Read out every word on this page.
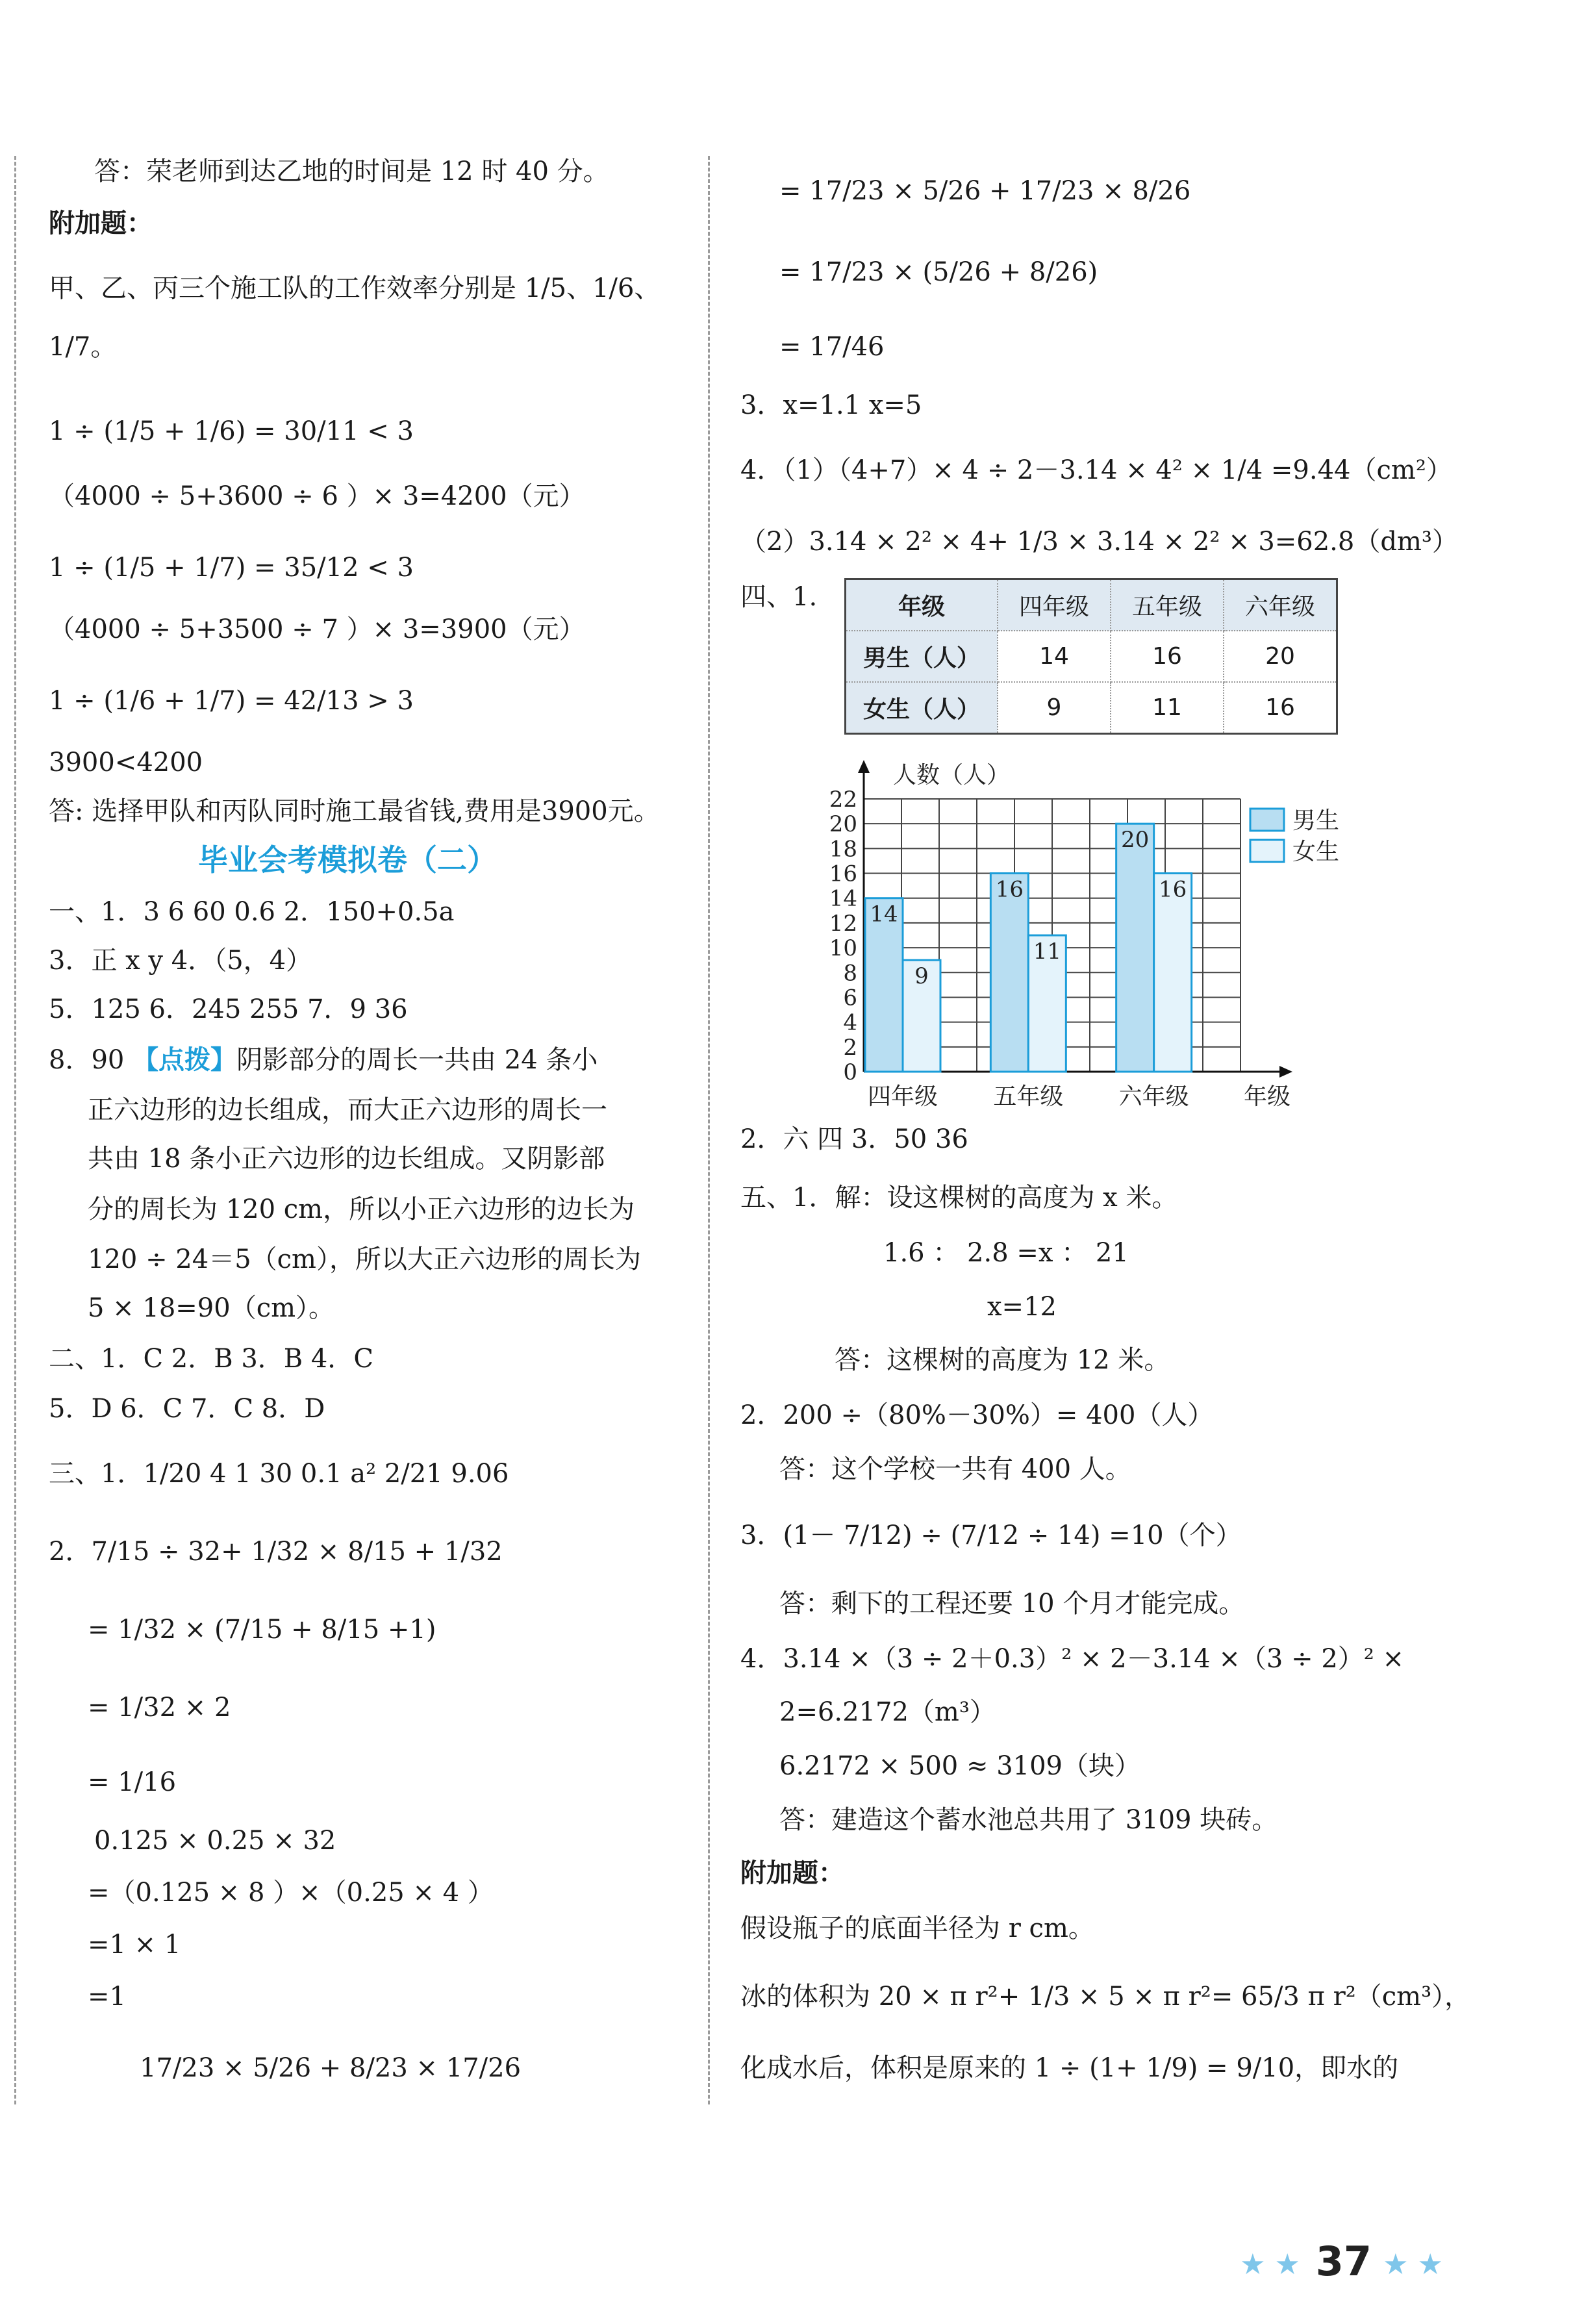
答：荣老师到达乙地的时间是 12 时 40 分。
附加题：
甲、乙、丙三个施工队的工作效率分别是 1/5、1/6、
1/7。
1 ÷ (1/5 + 1/6) = 30/11 < 3
（4000 ÷ 5+3600 ÷ 6 ）× 3=4200（元）
1 ÷ (1/5 + 1/7) = 35/12 < 3
（4000 ÷ 5+3500 ÷ 7 ）× 3=3900（元）
1 ÷ (1/6 + 1/7) = 42/13 > 3
3900<4200
答: 选择甲队和丙队同时施工最省钱,费用是3900元。
毕业会考模拟卷（二）
一、1．3 6 60 0.6 2．150+0.5a
3．正 x y 4．（5，4）
5．125 6．245 255 7．9 36
8．90 【点拨】阴影部分的周长一共由 24 条小
正六边形的边长组成，而大正六边形的周长一
共由 18 条小正六边形的边长组成。又阴影部
分的周长为 120 cm，所以小正六边形的边长为
120 ÷ 24＝5（cm），所以大正六边形的周长为
5 × 18=90（cm）。
二、1．C 2．B 3．B 4．C
5．D 6．C 7．C 8．D
三、1．1/20 4 1 30 0.1 a² 2/21 9.06
2．7/15 ÷ 32+ 1/32 × 8/15 + 1/32
= 1/32 × (7/15 + 8/15 +1)
= 1/32 × 2
= 1/16
0.125 × 0.25 × 32
=（0.125 × 8 ）×（0.25 × 4 ）
=1 × 1
=1
17/23 × 5/26 + 8/23 × 17/26
= 17/23 × 5/26 + 17/23 × 8/26
= 17/23 × (5/26 + 8/26)
= 17/46
3．x=1.1 x=5
4．（1）（4+7）× 4 ÷ 2－3.14 × 4² × 1/4 =9.44（cm²）
（2）3.14 × 2² × 4+ 1/3 × 3.14 × 2² × 3=62.8（dm³）
四、1.
2．六 四 3．50 36
五、1．解：设这棵树的高度为 x 米。
1.6 ： 2.8 =x ： 21
x=12
答：这棵树的高度为 12 米。
2．200 ÷（80%－30%）= 400（人）
答：这个学校一共有 400 人。
3．(1－ 7/12) ÷ (7/12 ÷ 14) =10（个）
答：剩下的工程还要 10 个月才能完成。
4．3.14 ×（3 ÷ 2＋0.3）² × 2－3.14 ×（3 ÷ 2）² ×
2=6.2172（m³）
6.2172 × 500 ≈ 3109（块）
答：建造这个蓄水池总共用了 3109 块砖。
附加题：
假设瓶子的底面半径为 r cm。
冰的体积为 20 × π r²+ 1/3 × 5 × π r²= 65/3 π r²（cm³），
化成水后，体积是原来的 1 ÷ (1+ 1/9) = 9/10，即水的
年级	四年级	五年级	六年级
男生（人）	14	16	20
女生（人）	9	11	16
0
2
4
6
8
10
12
14
16
18
20
22
人数（人）
年级
14
9
四年级
16
11
五年级
20
16
六年级
男生
女生
★ ★ 37 ★ ★
